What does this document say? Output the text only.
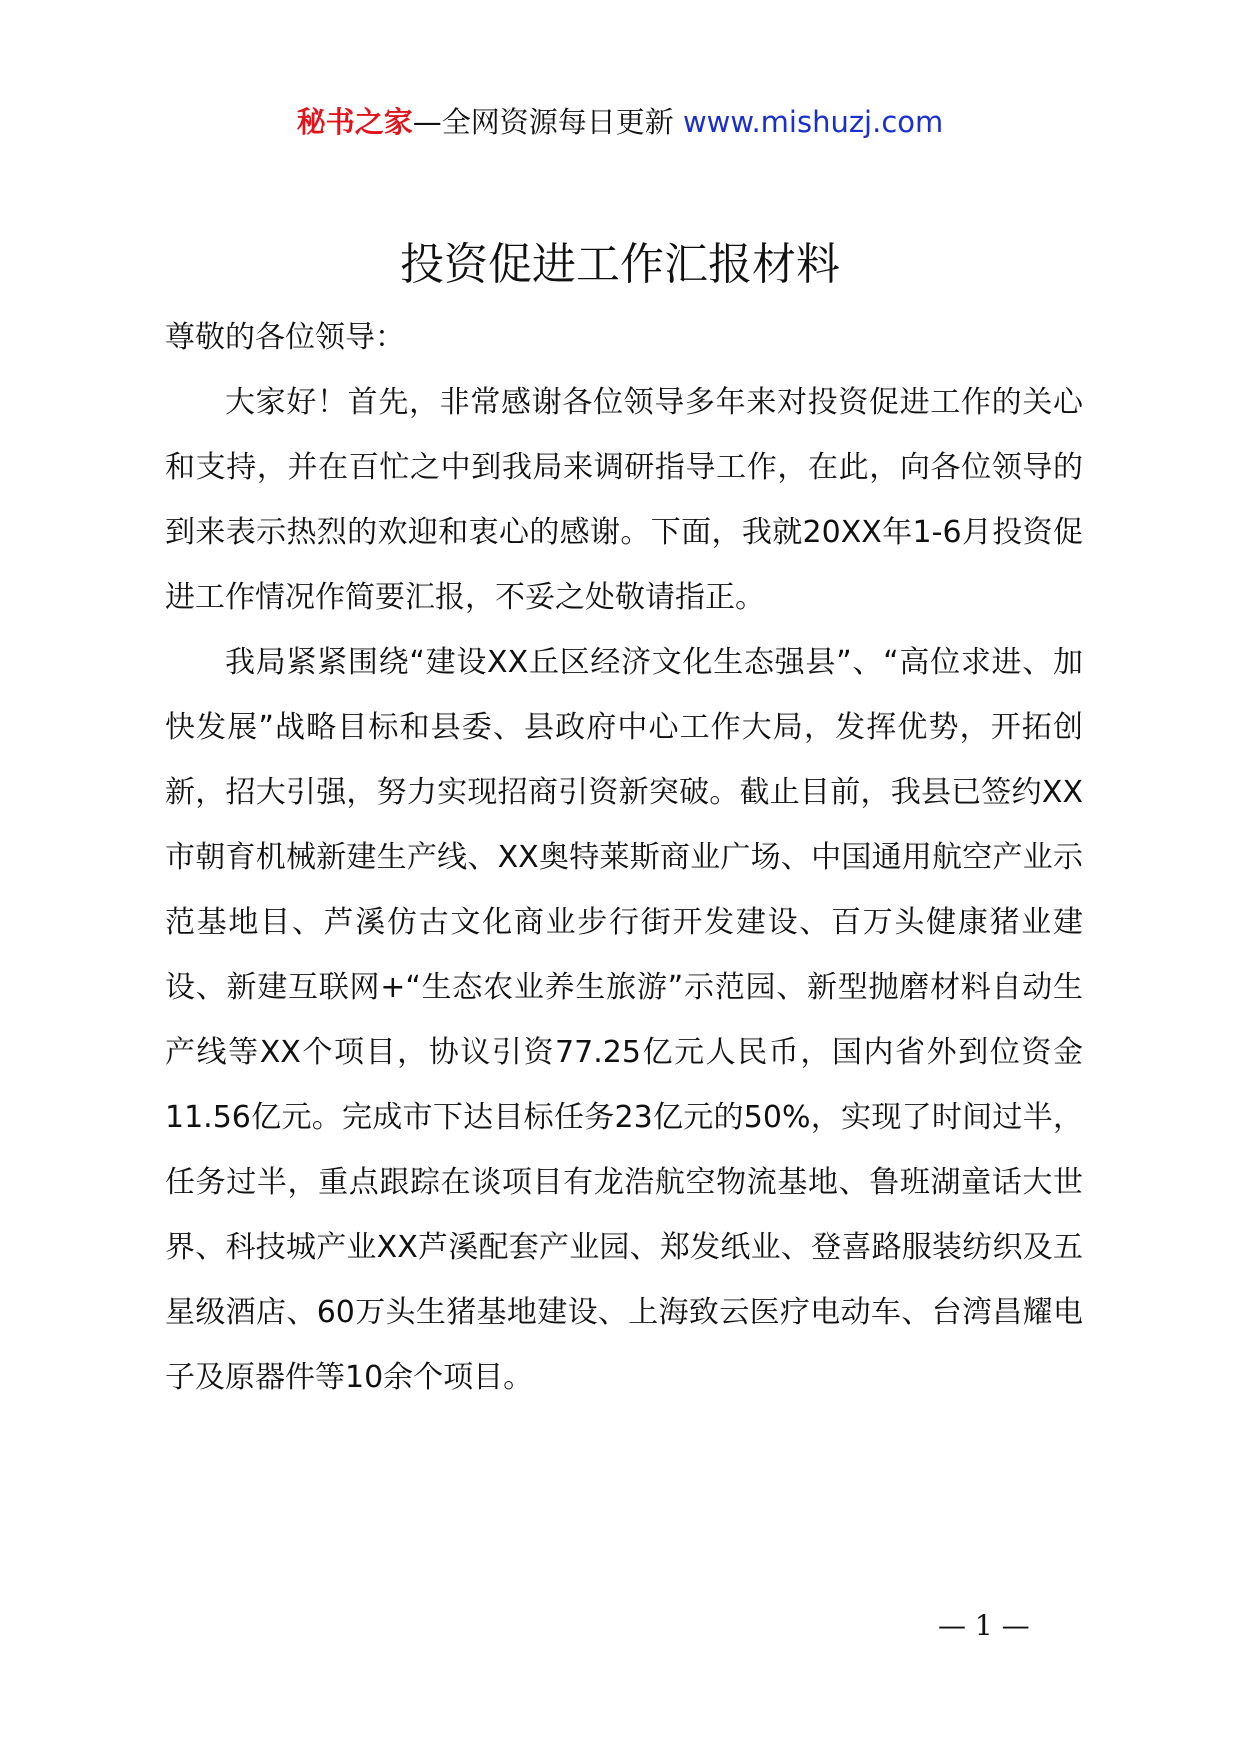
秘书之家—全网资源每日更新 www.mishuzj.com
投资促进工作汇报材料

尊敬的各位领导：

大家好！首先，非常感谢各位领导多年来对投资促进工作的关心和支持，并在百忙之中到我局来调研指导工作，在此，向各位领导的到来表示热烈的欢迎和衷心的感谢。下面，我就20XX年1-6月投资促进工作情况作简要汇报，不妥之处敬请指正。

我局紧紧围绕“建设XX丘区经济文化生态强县”、“高位求进、加快发展”战略目标和县委、县政府中心工作大局，发挥优势，开拓创新，招大引强，努力实现招商引资新突破。截止目前，我县已签约XX市朝育机械新建生产线、XX奥特莱斯商业广场、中国通用航空产业示范基地目、芦溪仿古文化商业步行街开发建设、百万头健康猪业建设、新建互联网+“生态农业养生旅游”示范园、新型抛磨材料自动生产线等XX个项目，协议引资77.25亿元人民币，国内省外到位资金11.56亿元。完成市下达目标任务23亿元的50%，实现了时间过半，任务过半，重点跟踪在谈项目有龙浩航空物流基地、鲁班湖童话大世界、科技城产业XX芦溪配套产业园、郑发纸业、登喜路服装纺织及五星级酒店、60万头生猪基地建设、上海致云医疗电动车、台湾昌耀电子及原器件等10余个项目。

— 1 —
